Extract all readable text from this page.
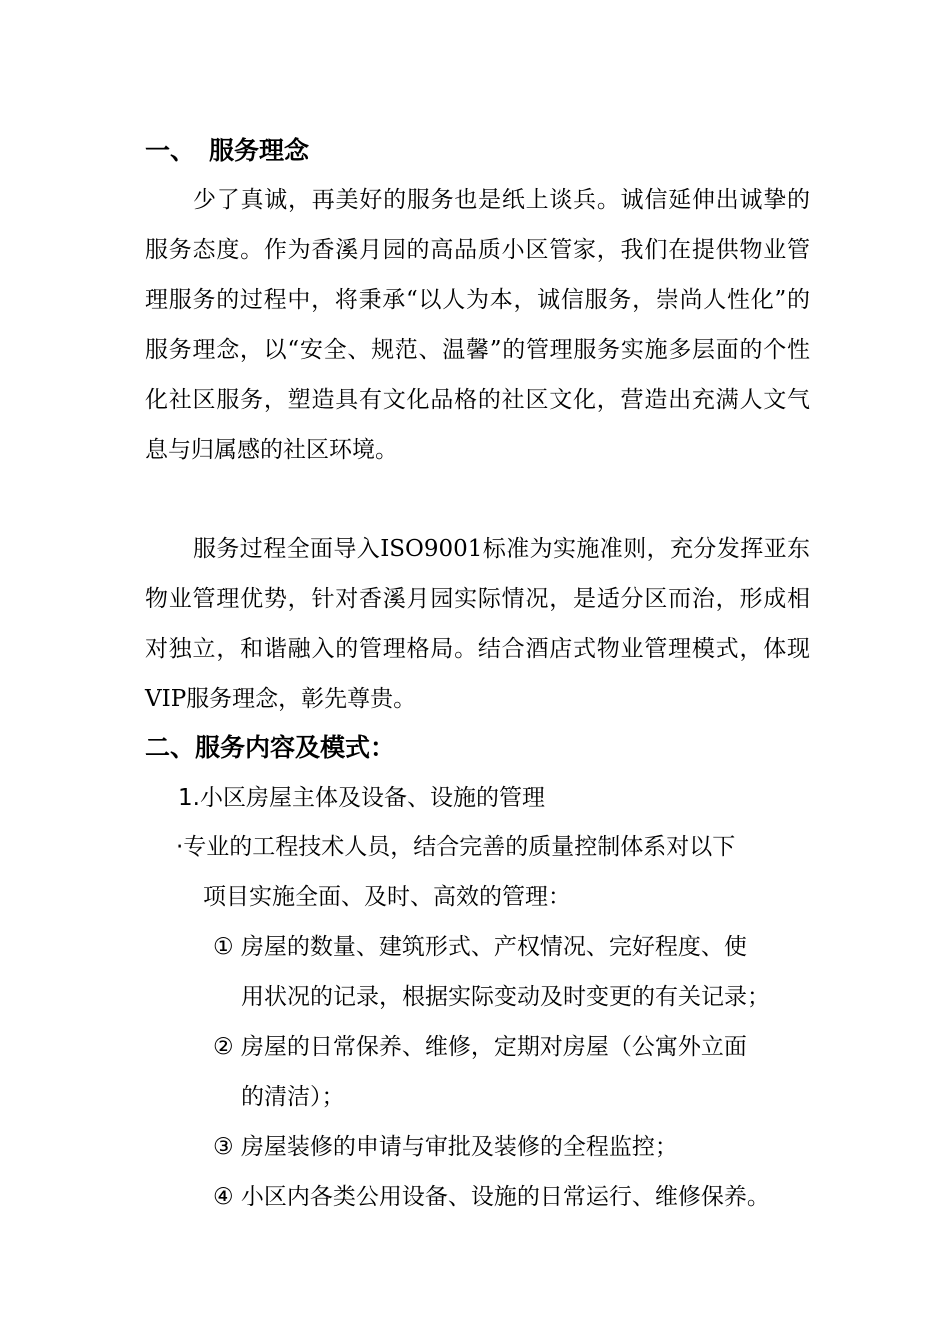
一、 服务理念

少了真诚，再美好的服务也是纸上谈兵。诚信延伸出诚挚的服务态度。作为香溪月园的高品质小区管家，我们在提供物业管理服务的过程中，将秉承“以人为本，诚信服务，崇尚人性化”的服务理念，以“安全、规范、温馨”的管理服务实施多层面的个性化社区服务，塑造具有文化品格的社区文化，营造出充满人文气息与归属感的社区环境。

服务过程全面导入ISO9001标准为实施准则，充分发挥亚东物业管理优势，针对香溪月园实际情况，是适分区而治，形成相对独立，和谐融入的管理格局。结合酒店式物业管理模式，体现VIP服务理念，彰先尊贵。

二、服务内容及模式：
1.小区房屋主体及设备、设施的管理
·专业的工程技术人员，结合完善的质量控制体系对以下
项目实施全面、及时、高效的管理：
① 房屋的数量、建筑形式、产权情况、完好程度、使
用状况的记录，根据实际变动及时变更的有关记录；
② 房屋的日常保养、维修，定期对房屋（公寓外立面
的清洁）；
③ 房屋装修的申请与审批及装修的全程监控；
④ 小区内各类公用设备、设施的日常运行、维修保养。
